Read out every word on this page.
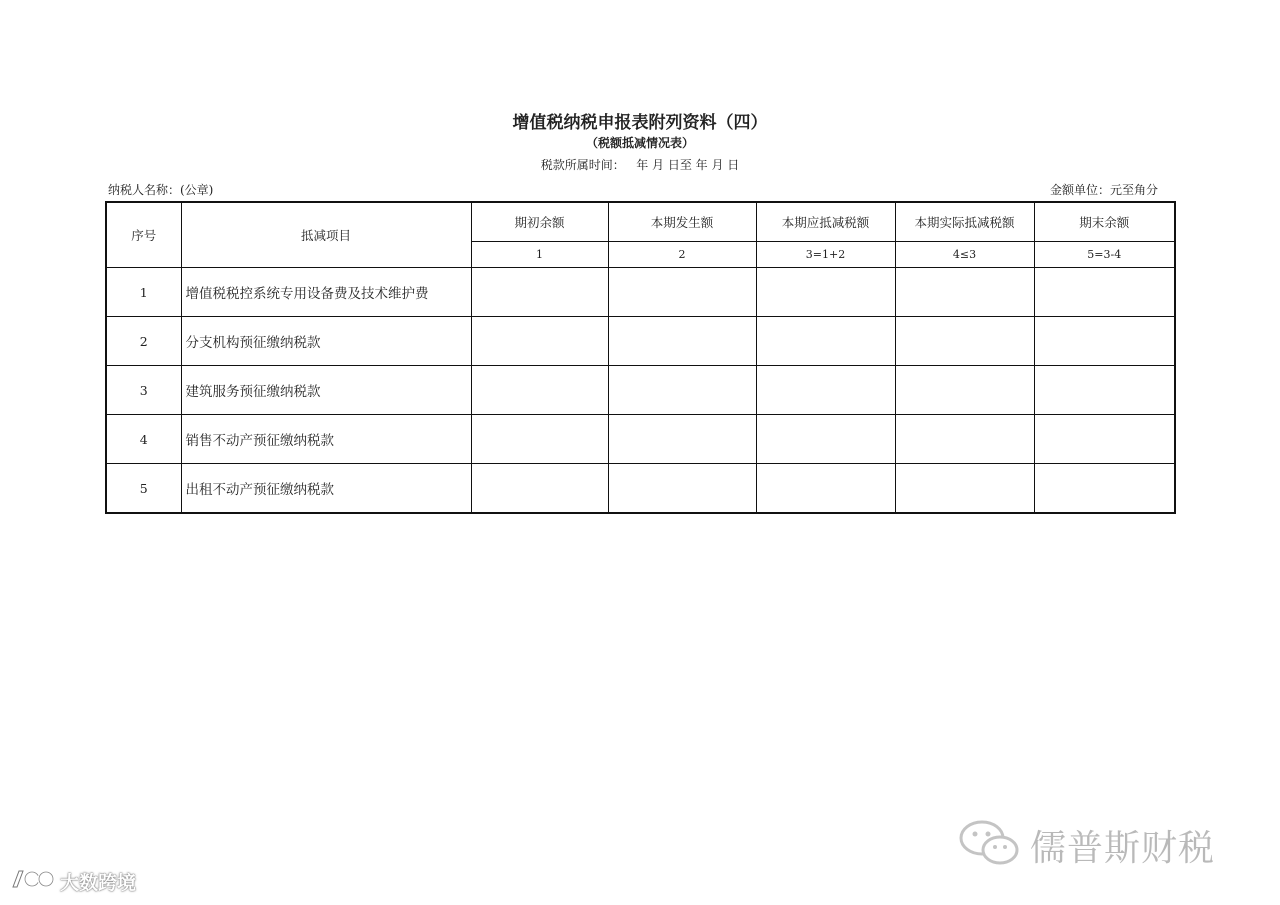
增值税纳税申报表附列资料（四）
（税额抵减情况表）
税款所属时间： 年 月 日至 年 月 日
纳税人名称：(公章)	金额单位：元至角分
序号	抵减项目	期初余额	本期发生额	本期应抵减税额	本期实际抵减税额	期末余额
		1	2	3=1+2	4≤3	5=3-4
1	增值税税控系统专用设备费及技术维护费					
2	分支机构预征缴纳税款					
3	建筑服务预征缴纳税款					
4	销售不动产预征缴纳税款					
5	出租不动产预征缴纳税款					
儒普斯财税
大数跨境
